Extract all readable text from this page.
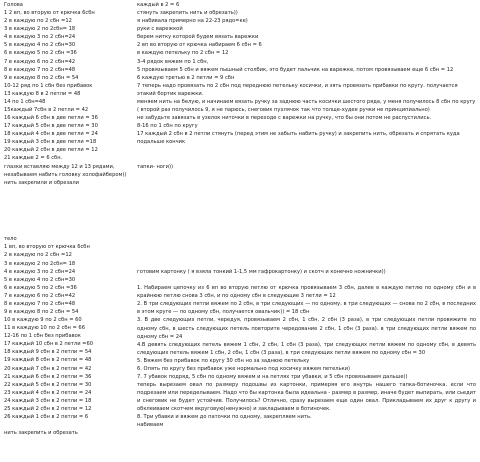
Голова
1 2 вп, во вторую от крючка 6сбн
2 в каждую по 2 сбн =12
3 в каждую 2 по 2сбн= 18
4 в каждую 3 по 2 сбн=24
5 в каждую 4 по 2 сбн=30
6 в каждую 5 по 2 сбн =36
7 в каждую 6 по 2 сбн=42
8 в каждую 7 по 2 сбн=48
9 в каждую 8 по 2 сбн = 54
10-12 ряд по 1 сбн без прибавок
13 каждую 8 в 2 петли = 48
14 по 1 сбн=48
15каждый 7сбн в 2 петли = 42
16 каждый 6 сбн в две петли = 36
17 каждый 5 сбн в две петли = 30
18 каждый 4 сбн в две петли = 24
19 каждый 3 сбн в две петли =18
20 каждый 2 сбн в две петли = 12
21 каждые 2 = 6 сбн.
глазки вставляю между 12 и 13 рядами,
незабываем набить головку холофайбером))
нить закрепили и обрезали
тело
1 вп, во вторую от крючка 6сбн
2 в каждую по 2 сбн =12
3 в каждую 2 по 2сбн= 18
4 в каждую 3 по 2 сбн=24
5 в каждую 4 по 2 сбн=30
6 в каждую 5 по 2 сбн =36
7 в каждую 6 по 2 сбн=42
8 в каждую 7 по 2 сбн=48
9 в каждую 8 по 2 сбн = 54
10 в каждую 9 по 2 сбн = 60
11 в каждую 10 по 2 сбн = 66
12-16 по 1 сбн без прибавок
17 каждый 10 сбн в 2 петли =60
18 каждый 9 сбн в 2 петли = 54
19 каждый 8 сбн в 2 петли = 48
20 каждый 7 сбн в 2 петли = 42
21 каждый 6 сбн в 2 петли = 36
22 каждый 5 сбн в 2 петли = 30
23 каждый 4 сбн в 2 петли = 24
24 каждый 3 сбн в 2 петли = 18
25 каждый 2 сбн в 2 петли = 12
26 каждый 1 сбн в 2 петли = 6
нить закрепить и обрезать
каждый в 2 = 6
стянуть закрепить нить и обрезать))
я набивала примерно на 22-23 рядо=ке)
руки с варежкой
берем нитку которой будем вязать варежки
2 вп во вторую от крючка набираем 6 сбн = 6
в каждую петельку по 2 сбн = 12
3-4 рядок вяжем по 1 сбн,
5 провязываем 5 сбн и вяжем пышный столбик, это будет пальчик на варежке, потом провязываем еще 6 сбн = 12
6 каждую третью в 2 петли = 9 сбн
7 теперь надо провязать по 2 сбн под переднюю петельку косички, и зять провязать прибавки по кругу. получается этакий бортик варежки.
меняем нить на белую, и начинаем вязать ручку за заднюю часть косички шестого ряда, у меня получилось 8 сбн по кругу ( второй раз получилось 9, я не парюсь, снеговик пухлячок так что толще-худее ручки не принципиально)
не забудьте завязать в узелок ниточки в переходе с варежки на ручку, что бы они потом не распустились.
8-16 по 1 сбн по кругу
17 каждый 2 сбн в 2 петли стянуть (перед этим не забыть набить ручку) и закрепить нить, обрезать и спрятать куда подальше кончик
тапки- ноги))
готовим картонку ( я взяла тонкий 1-1,5 мм гафрокартонку) и скотч и конечно ножнички))
1. Набираем цепочку из 6 вп во вторую петлю от крючка провязываем 3 сбн, далее в каждую петлю по одному сбн и в крайнюю петлю снова 3 сбн, и по одному сбн в следующие 3 петли = 12
2. В три следующих петли вяжем по 2 сбн, в три следующих — по одному, в три следующих — снова по 2 сбн, в последних в этом круге — по одному сбн, получается овальчик)) = 18 сбн
3. В две следующих петли, чередуя, провязываем 2 сбн, 1 сбн, 2 сбн (3 раза), в три следующих петли провяжите по одному сбн, в шесть следующих петель повторите чередование 2 сбн, 1 сбн (3 раза). в три следующих петли вяжем по одному сбн = 24
4.В девять следующих петель вяжем 1 сбн, 2 сбн, 1 сбн (3 раза), три следующих петли вяжем по одному сбн, в девять следующих петель вяжем 1 сбн, 2 сбн, 1 сбн (3 раза), в три следующих петли вяжем по одному сбн = 30
5. Вяжем без прибавок по кругу 30 сбн но за заднюю петельку
6. Опять по кругу без прибавок уже нормально под косичку вяжем петельки)
7. 7 убавок подряд, 5 сбн по одному вяжем и на петлях три убавки, и 5 сбн провязываем дальше))
теперь вырезаем овал по размеру подошвы из картонки, примеряя его внутрь нашего тапка-ботиночка. если что подрезаем или переделываем. Надо что бы картонка была идеальна - размер в размер, иначе будет выпирать, или сьедит и снеговик не будет устойчив. Получилось? Отлично, сразу вырезаем еще один овал. Прикладываем их друг к другу и обклеиваем скотчем вкруговую(ненужно) и закладываем в ботиночек.
8. Три убавки и вяжем до паточки по одному, закрепляем нить.
набиваем
